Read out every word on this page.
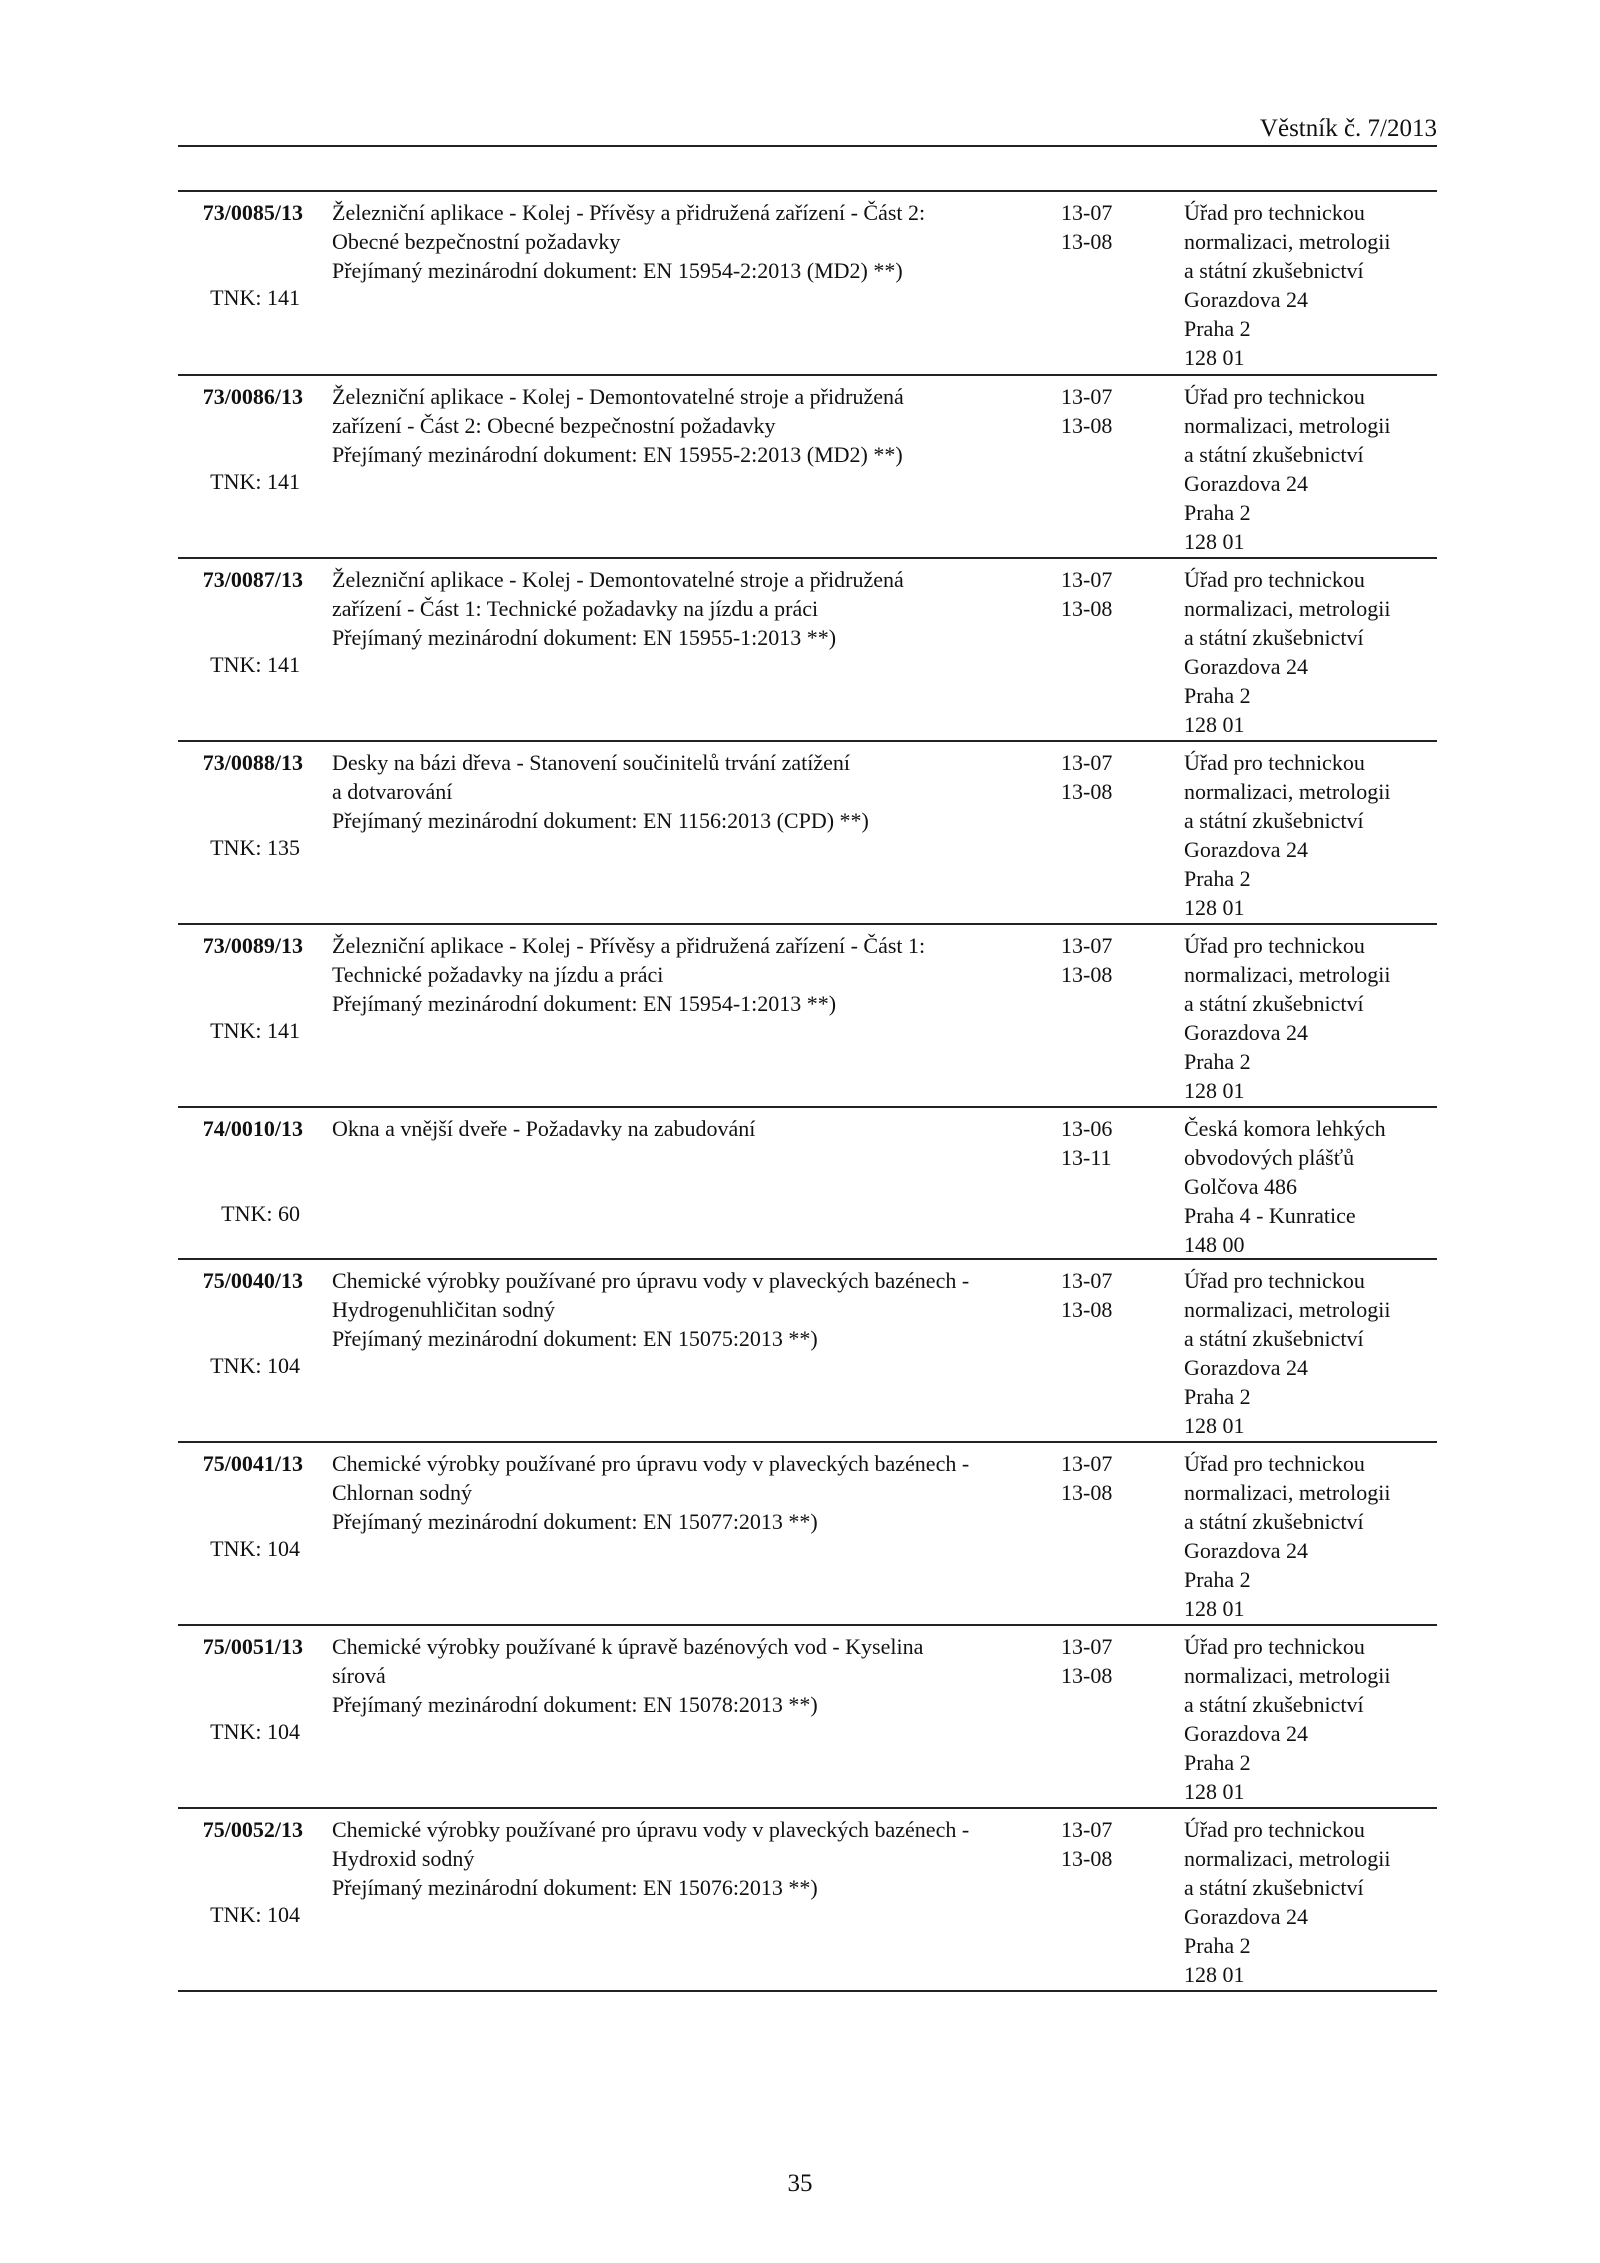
Věstník č. 7/2013
73/0085/13
TNK: 141
Železniční aplikace - Kolej - Přívěsy a přidružená zařízení - Část 2:
Obecné bezpečnostní požadavky
Přejímaný mezinárodní dokument: EN 15954-2:2013 (MD2) **)
13-07
13-08
Úřad pro technickou
normalizaci, metrologii
a státní zkušebnictví
Gorazdova 24
Praha 2
128 01
73/0086/13
TNK: 141
Železniční aplikace - Kolej - Demontovatelné stroje a přidružená
zařízení - Část 2: Obecné bezpečnostní požadavky
Přejímaný mezinárodní dokument: EN 15955-2:2013 (MD2) **)
13-07
13-08
Úřad pro technickou
normalizaci, metrologii
a státní zkušebnictví
Gorazdova 24
Praha 2
128 01
73/0087/13
TNK: 141
Železniční aplikace - Kolej - Demontovatelné stroje a přidružená
zařízení - Část 1: Technické požadavky na jízdu a práci
Přejímaný mezinárodní dokument: EN 15955-1:2013 **)
13-07
13-08
Úřad pro technickou
normalizaci, metrologii
a státní zkušebnictví
Gorazdova 24
Praha 2
128 01
73/0088/13
TNK: 135
Desky na bázi dřeva - Stanovení součinitelů trvání zatížení
a dotvarování
Přejímaný mezinárodní dokument: EN 1156:2013 (CPD) **)
13-07
13-08
Úřad pro technickou
normalizaci, metrologii
a státní zkušebnictví
Gorazdova 24
Praha 2
128 01
73/0089/13
TNK: 141
Železniční aplikace - Kolej - Přívěsy a přidružená zařízení - Část 1:
Technické požadavky na jízdu a práci
Přejímaný mezinárodní dokument: EN 15954-1:2013 **)
13-07
13-08
Úřad pro technickou
normalizaci, metrologii
a státní zkušebnictví
Gorazdova 24
Praha 2
128 01
74/0010/13
TNK: 60
Okna a vnější dveře - Požadavky na zabudování	13-06
13-11
Česká komora lehkých
obvodových plášťů
Golčova 486
Praha 4 - Kunratice
148 00
75/0040/13
TNK: 104
Chemické výrobky používané pro úpravu vody v plaveckých bazénech -
Hydrogenuhličitan sodný
Přejímaný mezinárodní dokument: EN 15075:2013 **)
13-07
13-08
Úřad pro technickou
normalizaci, metrologii
a státní zkušebnictví
Gorazdova 24
Praha 2
128 01
75/0041/13
TNK: 104
Chemické výrobky používané pro úpravu vody v plaveckých bazénech -
Chlornan sodný
Přejímaný mezinárodní dokument: EN 15077:2013 **)
13-07
13-08
Úřad pro technickou
normalizaci, metrologii
a státní zkušebnictví
Gorazdova 24
Praha 2
128 01
75/0051/13
TNK: 104
Chemické výrobky používané k úpravě bazénových vod - Kyselina
sírová
Přejímaný mezinárodní dokument: EN 15078:2013 **)
13-07
13-08
Úřad pro technickou
normalizaci, metrologii
a státní zkušebnictví
Gorazdova 24
Praha 2
128 01
75/0052/13
TNK: 104
Chemické výrobky používané pro úpravu vody v plaveckých bazénech -
Hydroxid sodný
Přejímaný mezinárodní dokument: EN 15076:2013 **)
13-07
13-08
Úřad pro technickou
normalizaci, metrologii
a státní zkušebnictví
Gorazdova 24
Praha 2
128 01
35
